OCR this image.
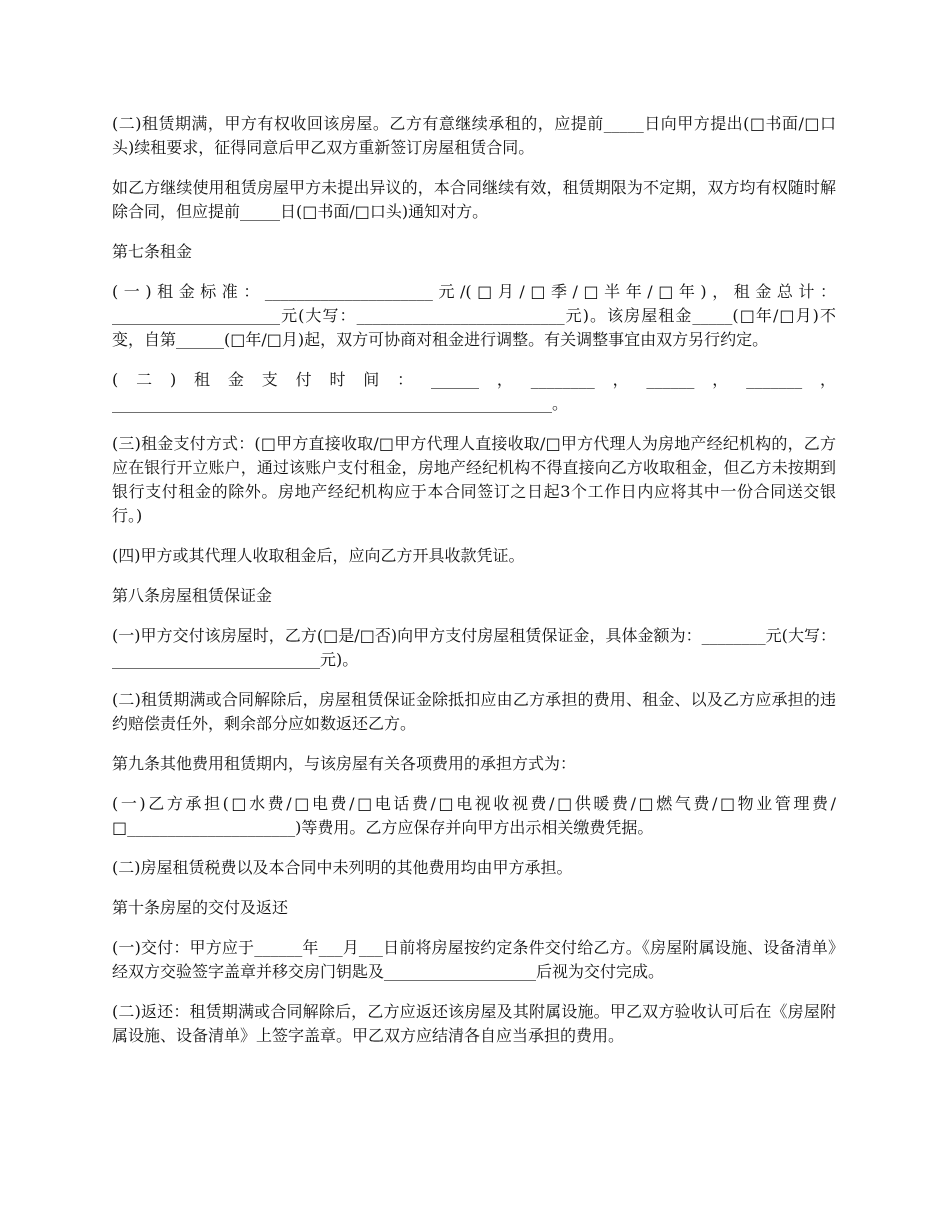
(二)租赁期满，甲方有权收回该房屋。乙方有意继续承租的，应提前_____日向甲方提出(□书面/□口头)续租要求，征得同意后甲乙双方重新签订房屋租赁合同。

如乙方继续使用租赁房屋甲方未提出异议的，本合同继续有效，租赁期限为不定期，双方均有权随时解除合同，但应提前_____日(□书面/□口头)通知对方。

第七条租金

(一)租金标准：_____________________元/(□月/□季/□半年/□年)，租金总计：_____________________元(大写：__________________________元)。该房屋租金_____(□年/□月)不变，自第______(□年/□月)起，双方可协商对租金进行调整。有关调整事宜由双方另行约定。

(二)租金支付时间：______，________，______，_______，_______________________________________________________。

(三)租金支付方式：(□甲方直接收取/□甲方代理人直接收取/□甲方代理人为房地产经纪机构的，乙方应在银行开立账户，通过该账户支付租金，房地产经纪机构不得直接向乙方收取租金，但乙方未按期到银行支付租金的除外。房地产经纪机构应于本合同签订之日起3个工作日内应将其中一份合同送交银行。)

(四)甲方或其代理人收取租金后，应向乙方开具收款凭证。

第八条房屋租赁保证金

(一)甲方交付该房屋时，乙方(□是/□否)向甲方支付房屋租赁保证金，具体金额为：________元(大写：__________________________元)。

(二)租赁期满或合同解除后，房屋租赁保证金除抵扣应由乙方承担的费用、租金、以及乙方应承担的违约赔偿责任外，剩余部分应如数返还乙方。

第九条其他费用租赁期内，与该房屋有关各项费用的承担方式为：

(一)乙方承担(□水费/□电费/□电话费/□电视收视费/□供暖费/□燃气费/□物业管理费/□_____________________)等费用。乙方应保存并向甲方出示相关缴费凭据。

(二)房屋租赁税费以及本合同中未列明的其他费用均由甲方承担。

第十条房屋的交付及返还

(一)交付：甲方应于______年___月___日前将房屋按约定条件交付给乙方。《房屋附属设施、设备清单》经双方交验签字盖章并移交房门钥匙及___________________后视为交付完成。

(二)返还：租赁期满或合同解除后，乙方应返还该房屋及其附属设施。甲乙双方验收认可后在《房屋附属设施、设备清单》上签字盖章。甲乙双方应结清各自应当承担的费用。
